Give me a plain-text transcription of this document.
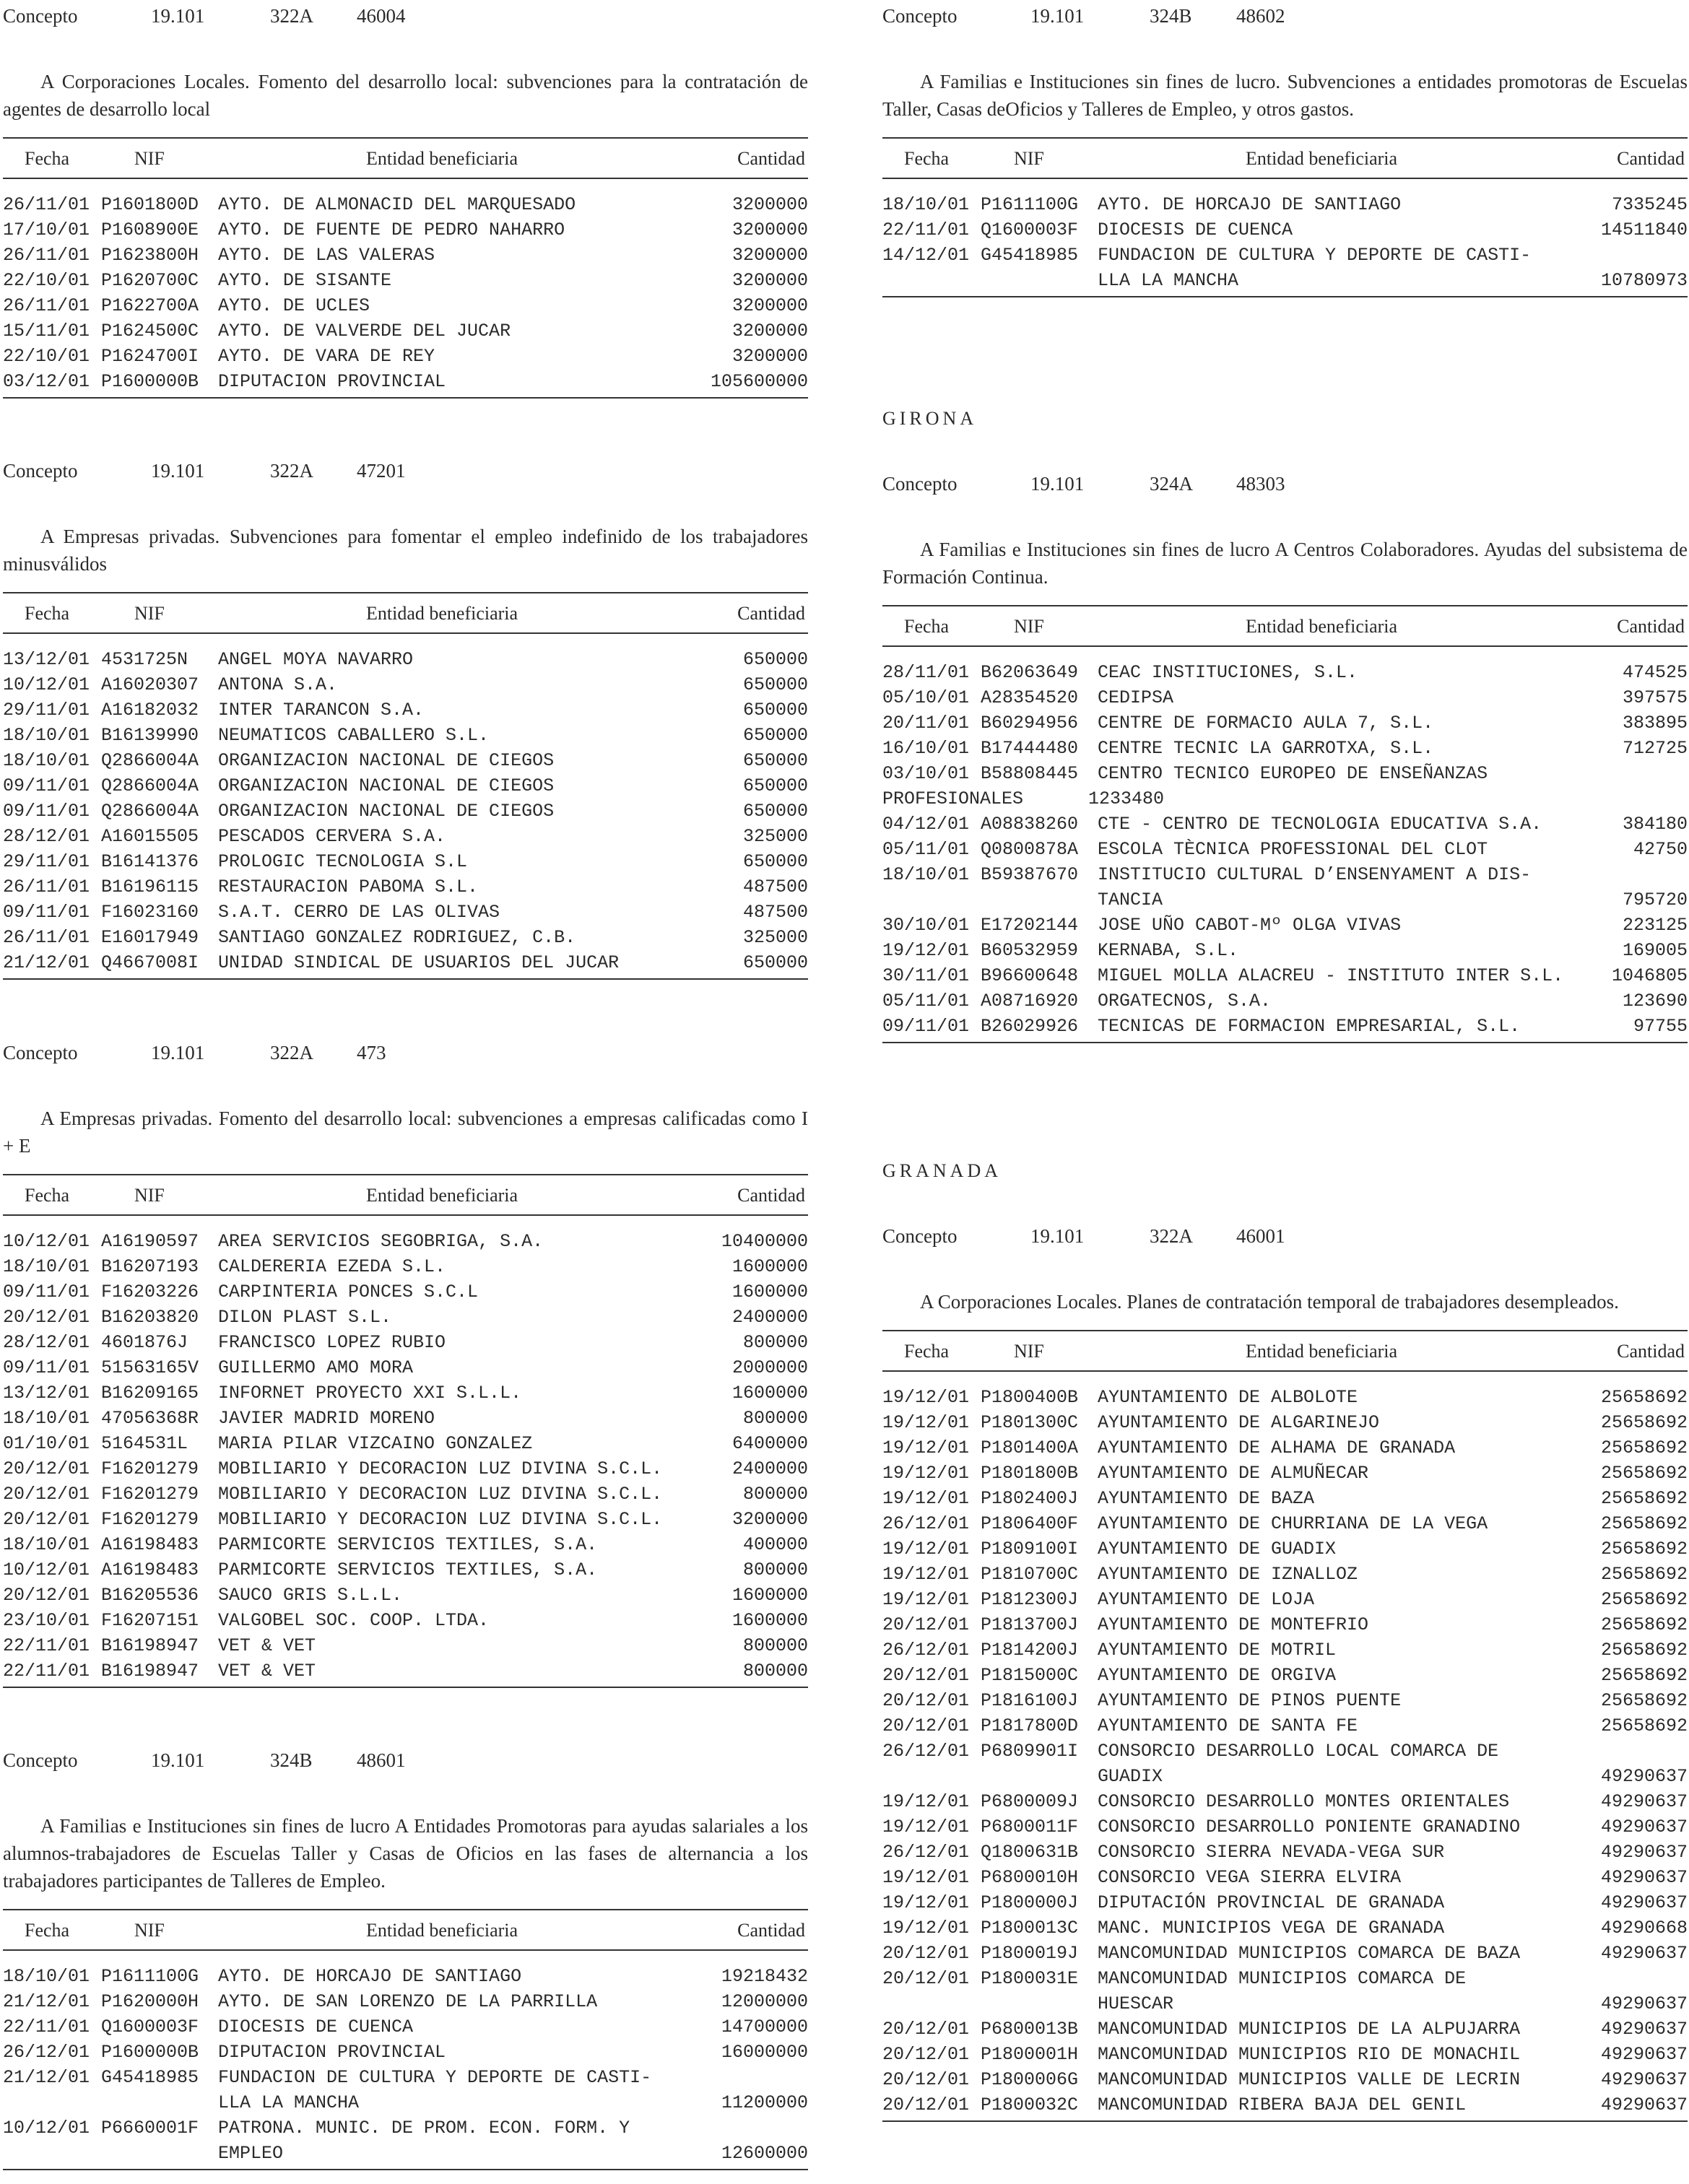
Concepto	19.101	322A 46004

A Corporaciones Locales. Fomento del desarrollo local: subvenciones para la contratación de agentes de desarrollo local

Fecha	NIF	Entidad beneficiaria	Cantidad
26/11/01 P1601800D	AYTO. DE ALMONACID DEL MARQUESADO	3200000
17/10/01 P1608900E	AYTO. DE FUENTE DE PEDRO NAHARRO	3200000
26/11/01 P1623800H	AYTO. DE LAS VALERAS	3200000
22/10/01 P1620700C	AYTO. DE SISANTE	3200000
26/11/01 P1622700A	AYTO. DE UCLES	3200000
15/11/01 P1624500C	AYTO. DE VALVERDE DEL JUCAR	3200000
22/10/01 P1624700I	AYTO. DE VARA DE REY	3200000
03/12/01 P1600000B	DIPUTACION PROVINCIAL	105600000
Concepto	19.101	322A 47201

A Empresas privadas. Subvenciones para fomentar el empleo indefinido de los trabajadores minusválidos

Fecha	NIF	Entidad beneficiaria	Cantidad
13/12/01 4531725N	ANGEL MOYA NAVARRO	650000
10/12/01 A16020307	ANTONA S.A.	650000
29/11/01 A16182032	INTER TARANCON S.A.	650000
18/10/01 B16139990	NEUMATICOS CABALLERO S.L.	650000
18/10/01 Q2866004A	ORGANIZACION NACIONAL DE CIEGOS	650000
09/11/01 Q2866004A	ORGANIZACION NACIONAL DE CIEGOS	650000
09/11/01 Q2866004A	ORGANIZACION NACIONAL DE CIEGOS	650000
28/12/01 A16015505	PESCADOS CERVERA S.A.	325000
29/11/01 B16141376	PROLOGIC TECNOLOGIA S.L	650000
26/11/01 B16196115	RESTAURACION PABOMA S.L.	487500
09/11/01 F16023160	S.A.T. CERRO DE LAS OLIVAS	487500
26/11/01 E16017949	SANTIAGO GONZALEZ RODRIGUEZ, C.B.	325000
21/12/01 Q4667008I	UNIDAD SINDICAL DE USUARIOS DEL JUCAR	650000
Concepto	19.101	322A 473

A Empresas privadas. Fomento del desarrollo local: subvenciones a empresas calificadas como I + E

Fecha	NIF	Entidad beneficiaria	Cantidad
10/12/01 A16190597	AREA SERVICIOS SEGOBRIGA, S.A.	10400000
18/10/01 B16207193	CALDERERIA EZEDA S.L.	1600000
09/11/01 F16203226	CARPINTERIA PONCES S.C.L	1600000
20/12/01 B16203820	DILON PLAST S.L.	2400000
28/12/01 4601876J	FRANCISCO LOPEZ RUBIO	800000
09/11/01 51563165V	GUILLERMO AMO MORA	2000000
13/12/01 B16209165	INFORNET PROYECTO XXI S.L.L.	1600000
18/10/01 47056368R	JAVIER MADRID MORENO	800000
01/10/01 5164531L	MARIA PILAR VIZCAINO GONZALEZ	6400000
20/12/01 F16201279	MOBILIARIO Y DECORACION LUZ DIVINA S.C.L.	2400000
20/12/01 F16201279	MOBILIARIO Y DECORACION LUZ DIVINA S.C.L.	800000
20/12/01 F16201279	MOBILIARIO Y DECORACION LUZ DIVINA S.C.L.	3200000
18/10/01 A16198483	PARMICORTE SERVICIOS TEXTILES, S.A.	400000
10/12/01 A16198483	PARMICORTE SERVICIOS TEXTILES, S.A.	800000
20/12/01 B16205536	SAUCO GRIS S.L.L.	1600000
23/10/01 F16207151	VALGOBEL SOC. COOP. LTDA.	1600000
22/11/01 B16198947	VET & VET	800000
22/11/01 B16198947	VET & VET	800000
Concepto	19.101	324B 48601

A Familias e Instituciones sin fines de lucro A Entidades Promotoras para ayudas salariales a los alumnos-trabajadores de Escuelas Taller y Casas de Oficios en las fases de alternancia a los trabajadores participantes de Talleres de Empleo.

Fecha	NIF	Entidad beneficiaria	Cantidad
18/10/01 P1611100G	AYTO. DE HORCAJO DE SANTIAGO	19218432
21/12/01 P1620000H	AYTO. DE SAN LORENZO DE LA PARRILLA	12000000
22/11/01 Q1600003F	DIOCESIS DE CUENCA	14700000
26/12/01 P1600000B	DIPUTACION PROVINCIAL	16000000
21/12/01 G45418985	FUNDACION DE CULTURA Y DEPORTE DE CASTI-
LLA LA MANCHA	11200000
10/12/01 P6660001F	PATRONA. MUNIC. DE PROM. ECON. FORM. Y
EMPLEO	12600000
Concepto	19.101	324B 48602

A Familias e Instituciones sin fines de lucro. Subvenciones a entidades promotoras de Escuelas Taller, Casas deOficios y Talleres de Empleo, y otros gastos.

Fecha	NIF	Entidad beneficiaria	Cantidad
18/10/01 P1611100G	AYTO. DE HORCAJO DE SANTIAGO	7335245
22/11/01 Q1600003F	DIOCESIS DE CUENCA	14511840
14/12/01 G45418985	FUNDACION DE CULTURA Y DEPORTE DE CASTI-
LLA LA MANCHA	10780973
GIRONA
Concepto	19.101	324A 48303

A Familias e Instituciones sin fines de lucro A Centros Colaboradores. Ayudas del subsistema de Formación Continua.

Fecha	NIF	Entidad beneficiaria	Cantidad
28/11/01 B62063649	CEAC INSTITUCIONES, S.L.	474525
05/10/01 A28354520	CEDIPSA	397575
20/11/01 B60294956	CENTRE DE FORMACIO AULA 7, S.L.	383895
16/10/01 B17444480	CENTRE TECNIC LA GARROTXA, S.L.	712725
03/10/01 B58808445	CENTRO TECNICO EUROPEO DE ENSEÑANZAS
PROFESIONALES      1233480
04/12/01 A08838260	CTE - CENTRO DE TECNOLOGIA EDUCATIVA S.A.	384180
05/11/01 Q0800878A	ESCOLA TÈCNICA PROFESSIONAL DEL CLOT	42750
18/10/01 B59387670	INSTITUCIO CULTURAL D’ENSENYAMENT A DIS-
TANCIA	795720
30/10/01 E17202144	JOSE UÑO CABOT-Mº OLGA VIVAS	223125
19/12/01 B60532959	KERNABA, S.L.	169005
30/11/01 B96600648	MIGUEL MOLLA ALACREU - INSTITUTO INTER S.L.	1046805
05/11/01 A08716920	ORGATECNOS, S.A.	123690
09/11/01 B26029926	TECNICAS DE FORMACION EMPRESARIAL, S.L.	97755
GRANADA
Concepto	19.101	322A 46001

A Corporaciones Locales. Planes de contratación temporal de trabajadores desempleados.

Fecha	NIF	Entidad beneficiaria	Cantidad
19/12/01 P1800400B	AYUNTAMIENTO DE ALBOLOTE	25658692
19/12/01 P1801300C	AYUNTAMIENTO DE ALGARINEJO	25658692
19/12/01 P1801400A	AYUNTAMIENTO DE ALHAMA DE GRANADA	25658692
19/12/01 P1801800B	AYUNTAMIENTO DE ALMUÑECAR	25658692
19/12/01 P1802400J	AYUNTAMIENTO DE BAZA	25658692
26/12/01 P1806400F	AYUNTAMIENTO DE CHURRIANA DE LA VEGA	25658692
19/12/01 P1809100I	AYUNTAMIENTO DE GUADIX	25658692
19/12/01 P1810700C	AYUNTAMIENTO DE IZNALLOZ	25658692
19/12/01 P1812300J	AYUNTAMIENTO DE LOJA	25658692
20/12/01 P1813700J	AYUNTAMIENTO DE MONTEFRIO	25658692
26/12/01 P1814200J	AYUNTAMIENTO DE MOTRIL	25658692
20/12/01 P1815000C	AYUNTAMIENTO DE ORGIVA	25658692
20/12/01 P1816100J	AYUNTAMIENTO DE PINOS PUENTE	25658692
20/12/01 P1817800D	AYUNTAMIENTO DE SANTA FE	25658692
26/12/01 P6809901I	CONSORCIO DESARROLLO LOCAL COMARCA DE
GUADIX	49290637
19/12/01 P6800009J	CONSORCIO DESARROLLO MONTES ORIENTALES	49290637
19/12/01 P6800011F	CONSORCIO DESARROLLO PONIENTE GRANADINO	49290637
26/12/01 Q1800631B	CONSORCIO SIERRA NEVADA-VEGA SUR	49290637
19/12/01 P6800010H	CONSORCIO VEGA SIERRA ELVIRA	49290637
19/12/01 P1800000J	DIPUTACIÓN PROVINCIAL DE GRANADA	49290637
19/12/01 P1800013C	MANC. MUNICIPIOS VEGA DE GRANADA	49290668
20/12/01 P1800019J	MANCOMUNIDAD MUNICIPIOS COMARCA DE BAZA	49290637
20/12/01 P1800031E	MANCOMUNIDAD MUNICIPIOS COMARCA DE
HUESCAR	49290637
20/12/01 P6800013B	MANCOMUNIDAD MUNICIPIOS DE LA ALPUJARRA	49290637
20/12/01 P1800001H	MANCOMUNIDAD MUNICIPIOS RIO DE MONACHIL	49290637
20/12/01 P1800006G	MANCOMUNIDAD MUNICIPIOS VALLE DE LECRIN	49290637
20/12/01 P1800032C	MANCOMUNIDAD RIBERA BAJA DEL GENIL	49290637
